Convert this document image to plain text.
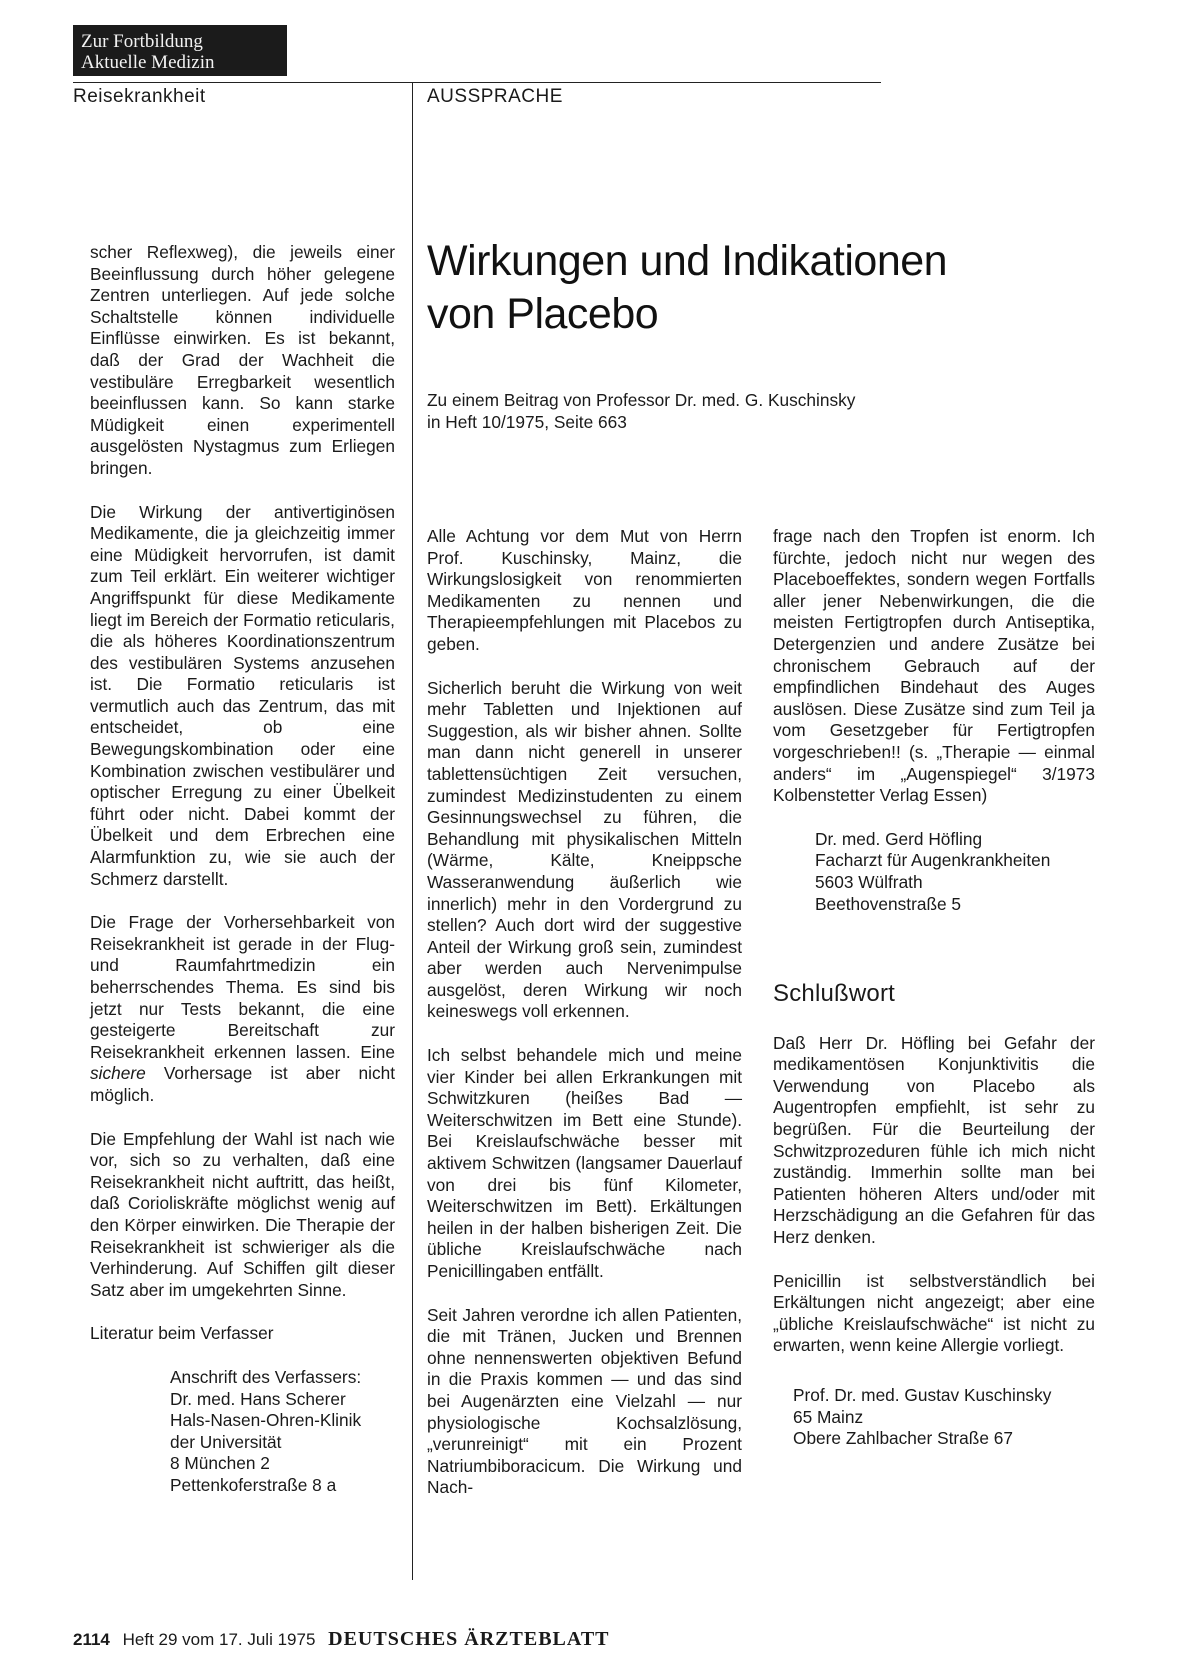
Zur Fortbildung
Aktuelle Medizin
Reisekrankheit	AUSSPRACHE

scher Reflexweg), die jeweils einer Beeinflussung durch höher gelegene Zentren unterliegen. Auf jede solche Schaltstelle können individuelle Einflüsse einwirken. Es ist bekannt, daß der Grad der Wachheit die vestibuläre Erregbarkeit wesentlich beeinflussen kann. So kann starke Müdigkeit einen experimentell ausgelösten Nystagmus zum Erliegen bringen.

Die Wirkung der antivertiginösen Medikamente, die ja gleichzeitig immer eine Müdigkeit hervorrufen, ist damit zum Teil erklärt. Ein weiterer wichtiger Angriffspunkt für diese Medikamente liegt im Bereich der Formatio reticularis, die als höheres Koordinationszentrum des vestibulären Systems anzusehen ist. Die Formatio reticularis ist vermutlich auch das Zentrum, das mit entscheidet, ob eine Bewegungskombination oder eine Kombination zwischen vestibulärer und optischer Erregung zu einer Übelkeit führt oder nicht. Dabei kommt der Übelkeit und dem Erbrechen eine Alarmfunktion zu, wie sie auch der Schmerz darstellt.

Die Frage der Vorhersehbarkeit von Reisekrankheit ist gerade in der Flug- und Raumfahrtmedizin ein beherrschendes Thema. Es sind bis jetzt nur Tests bekannt, die eine gesteigerte Bereitschaft zur Reisekrankheit erkennen lassen. Eine sichere Vorhersage ist aber nicht möglich.

Die Empfehlung der Wahl ist nach wie vor, sich so zu verhalten, daß eine Reisekrankheit nicht auftritt, das heißt, daß Corioliskräfte möglichst wenig auf den Körper einwirken. Die Therapie der Reisekrankheit ist schwieriger als die Verhinderung. Auf Schiffen gilt dieser Satz aber im umgekehrten Sinne.

Literatur beim Verfasser

Anschrift des Verfassers:
Dr. med. Hans Scherer
Hals-Nasen-Ohren-Klinik
der Universität
8 München 2
Pettenkoferstraße 8 a
Wirkungen und Indikationen
von Placebo
Zu einem Beitrag von Professor Dr. med. G. Kuschinsky
in Heft 10/1975, Seite 663

Alle Achtung vor dem Mut von Herrn Prof. Kuschinsky, Mainz, die Wirkungslosigkeit von renommierten Medikamenten zu nennen und Therapieempfehlungen mit Placebos zu geben.

Sicherlich beruht die Wirkung von weit mehr Tabletten und Injektionen auf Suggestion, als wir bisher ahnen. Sollte man dann nicht generell in unserer tablettensüchtigen Zeit versuchen, zumindest Medizinstudenten zu einem Gesinnungswechsel zu führen, die Behandlung mit physikalischen Mitteln (Wärme, Kälte, Kneippsche Wasseranwendung äußerlich wie innerlich) mehr in den Vordergrund zu stellen? Auch dort wird der suggestive Anteil der Wirkung groß sein, zumindest aber werden auch Nervenimpulse ausgelöst, deren Wirkung wir noch keineswegs voll erkennen.

Ich selbst behandele mich und meine vier Kinder bei allen Erkrankungen mit Schwitzkuren (heißes Bad — Weiterschwitzen im Bett eine Stunde). Bei Kreislaufschwäche besser mit aktivem Schwitzen (langsamer Dauerlauf von drei bis fünf Kilometer, Weiterschwitzen im Bett). Erkältungen heilen in der halben bisherigen Zeit. Die übliche Kreislaufschwäche nach Penicillingaben entfällt.

Seit Jahren verordne ich allen Patienten, die mit Tränen, Jucken und Brennen ohne nennenswerten objektiven Befund in die Praxis kommen — und das sind bei Augenärzten eine Vielzahl — nur physiologische Kochsalzlösung, „verunreinigt“ mit ein Prozent Natriumbiboracicum. Die Wirkung und Nach-

frage nach den Tropfen ist enorm. Ich fürchte, jedoch nicht nur wegen des Placeboeffektes, sondern wegen Fortfalls aller jener Nebenwirkungen, die die meisten Fertigtropfen durch Antiseptika, Detergenzien und andere Zusätze bei chronischem Gebrauch auf der empfindlichen Bindehaut des Auges auslösen. Diese Zusätze sind zum Teil ja vom Gesetzgeber für Fertigtropfen vorgeschrieben!! (s. „Therapie — einmal anders“ im „Augenspiegel“ 3/1973 Kolbenstetter Verlag Essen)

Dr. med. Gerd Höfling
Facharzt für Augenkrankheiten
5603 Wülfrath
Beethovenstraße 5
Schlußwort

Daß Herr Dr. Höfling bei Gefahr der medikamentösen Konjunktivitis die Verwendung von Placebo als Augentropfen empfiehlt, ist sehr zu begrüßen. Für die Beurteilung der Schwitzprozeduren fühle ich mich nicht zuständig. Immerhin sollte man bei Patienten höheren Alters und/oder mit Herzschädigung an die Gefahren für das Herz denken.

Penicillin ist selbstverständlich bei Erkältungen nicht angezeigt; aber eine „übliche Kreislaufschwäche“ ist nicht zu erwarten, wenn keine Allergie vorliegt.

Prof. Dr. med. Gustav Kuschinsky
65 Mainz
Obere Zahlbacher Straße 67
2114 Heft 29 vom 17. Juli 1975 DEUTSCHES ÄRZTEBLATT
